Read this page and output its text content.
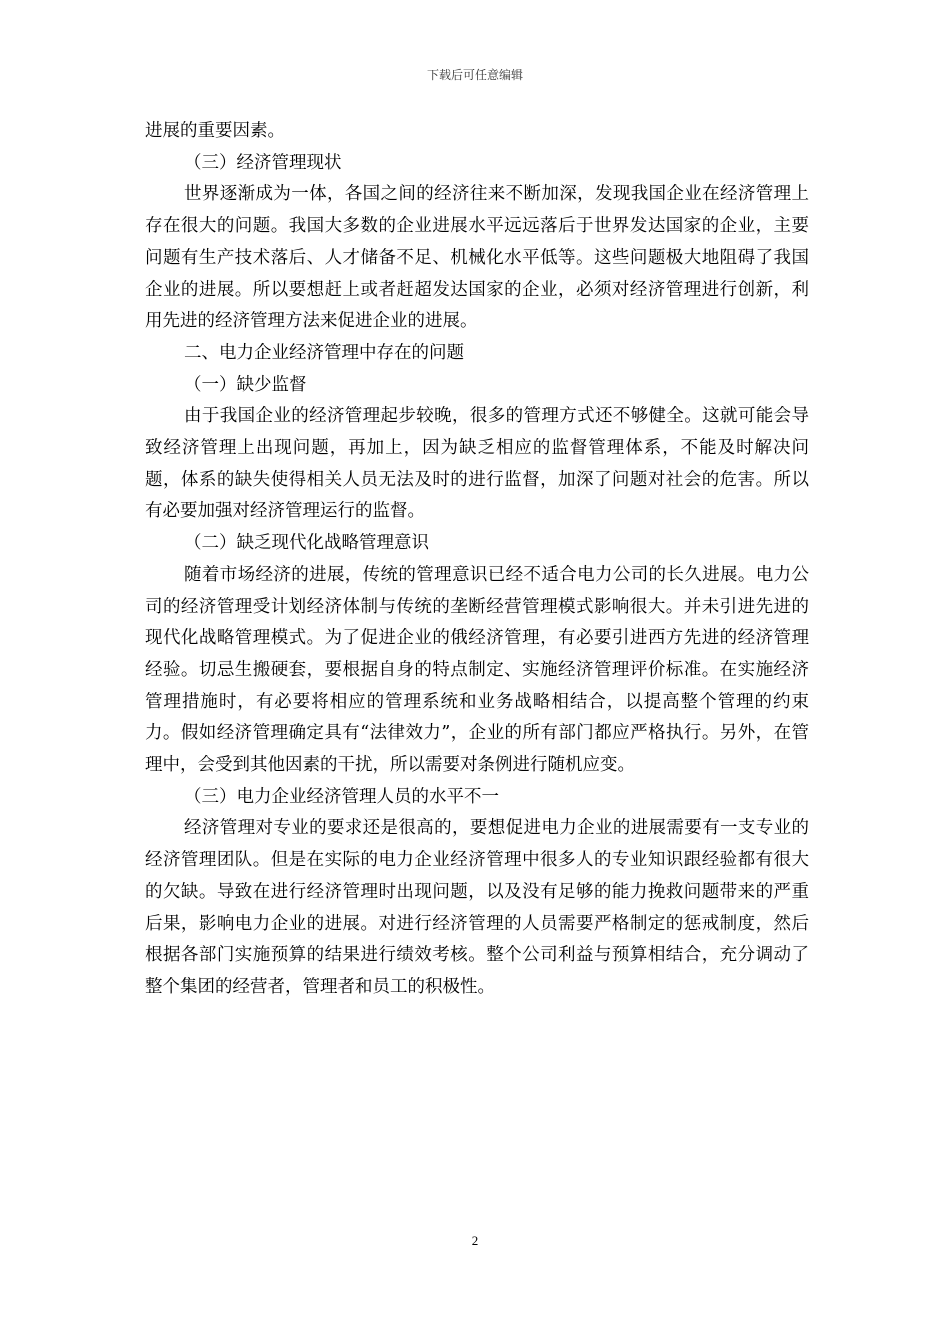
下载后可任意编辑

进展的重要因素。

（三）经济管理现状

世界逐渐成为一体，各国之间的经济往来不断加深，发现我国企业在经济管理上存在很大的问题。我国大多数的企业进展水平远远落后于世界发达国家的企业，主要问题有生产技术落后、人才储备不足、机械化水平低等。这些问题极大地阻碍了我国企业的进展。所以要想赶上或者赶超发达国家的企业，必须对经济管理进行创新，利用先进的经济管理方法来促进企业的进展。

二、电力企业经济管理中存在的问题

（一）缺少监督

由于我国企业的经济管理起步较晚，很多的管理方式还不够健全。这就可能会导致经济管理上出现问题，再加上，因为缺乏相应的监督管理体系，不能及时解决问题，体系的缺失使得相关人员无法及时的进行监督，加深了问题对社会的危害。所以有必要加强对经济管理运行的监督。

（二）缺乏现代化战略管理意识

随着市场经济的进展，传统的管理意识已经不适合电力公司的长久进展。电力公司的经济管理受计划经济体制与传统的垄断经营管理模式影响很大。并未引进先进的现代化战略管理模式。为了促进企业的俄经济管理，有必要引进西方先进的经济管理经验。切忌生搬硬套，要根据自身的特点制定、实施经济管理评价标准。在实施经济管理措施时，有必要将相应的管理系统和业务战略相结合，以提高整个管理的约束力。假如经济管理确定具有“法律效力”，企业的所有部门都应严格执行。另外，在管理中，会受到其他因素的干扰，所以需要对条例进行随机应变。

（三）电力企业经济管理人员的水平不一

经济管理对专业的要求还是很高的，要想促进电力企业的进展需要有一支专业的经济管理团队。但是在实际的电力企业经济管理中很多人的专业知识跟经验都有很大的欠缺。导致在进行经济管理时出现问题，以及没有足够的能力挽救问题带来的严重后果，影响电力企业的进展。对进行经济管理的人员需要严格制定的惩戒制度，然后根据各部门实施预算的结果进行绩效考核。整个公司利益与预算相结合，充分调动了整个集团的经营者，管理者和员工的积极性。

2
